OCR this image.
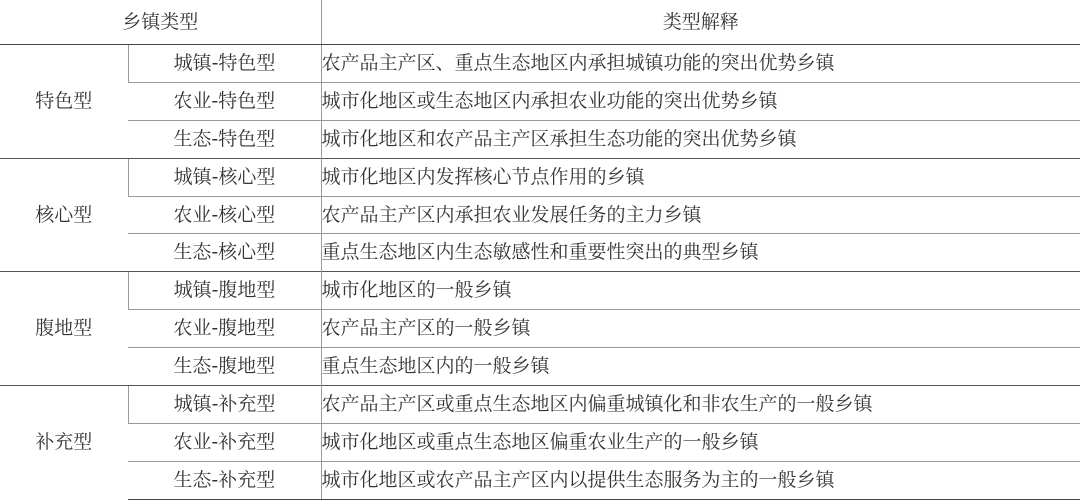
乡镇类型		类型解释
特色型	城镇-特色型	农产品主产区、重点生态地区内承担城镇功能的突出优势乡镇
	农业-特色型	城市化地区或生态地区内承担农业功能的突出优势乡镇
	生态-特色型	城市化地区和农产品主产区承担生态功能的突出优势乡镇
核心型	城镇-核心型	城市化地区内发挥核心节点作用的乡镇
	农业-核心型	农产品主产区内承担农业发展任务的主力乡镇
	生态-核心型	重点生态地区内生态敏感性和重要性突出的典型乡镇
腹地型	城镇-腹地型	城市化地区的一般乡镇
	农业-腹地型	农产品主产区的一般乡镇
	生态-腹地型	重点生态地区内的一般乡镇
补充型	城镇-补充型	农产品主产区或重点生态地区内偏重城镇化和非农生产的一般乡镇
	农业-补充型	城市化地区或重点生态地区偏重农业生产的一般乡镇
	生态-补充型	城市化地区或农产品主产区内以提供生态服务为主的一般乡镇
